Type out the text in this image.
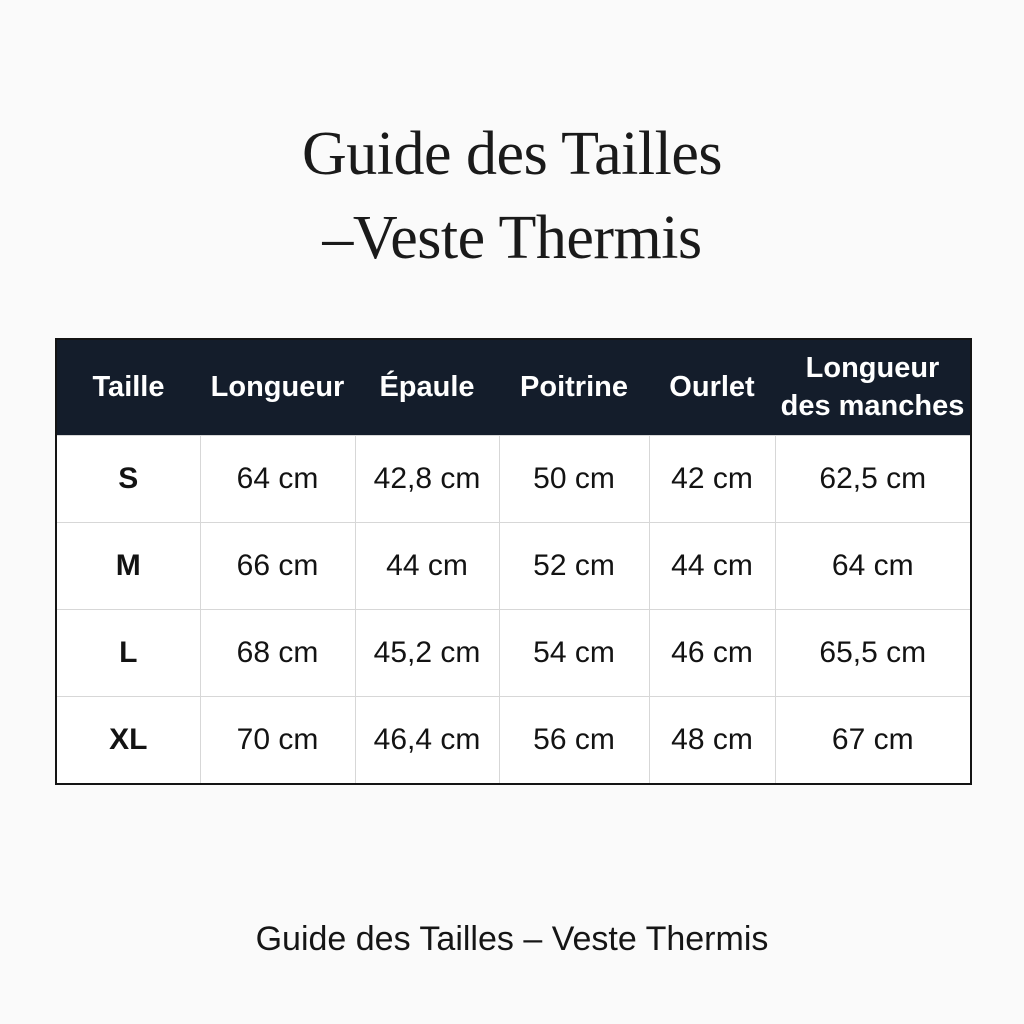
Guide des Tailles
–Veste Thermis
Taille	Longueur	Épaule	Poitrine	Ourlet	Longueur des manches
S	64 cm	42,8 cm	50 cm	42 cm	62,5 cm
M	66 cm	44 cm	52 cm	44 cm	64 cm
L	68 cm	45,2 cm	54 cm	46 cm	65,5 cm
XL	70 cm	46,4 cm	56 cm	48 cm	67 cm
Guide des Tailles – Veste Thermis
